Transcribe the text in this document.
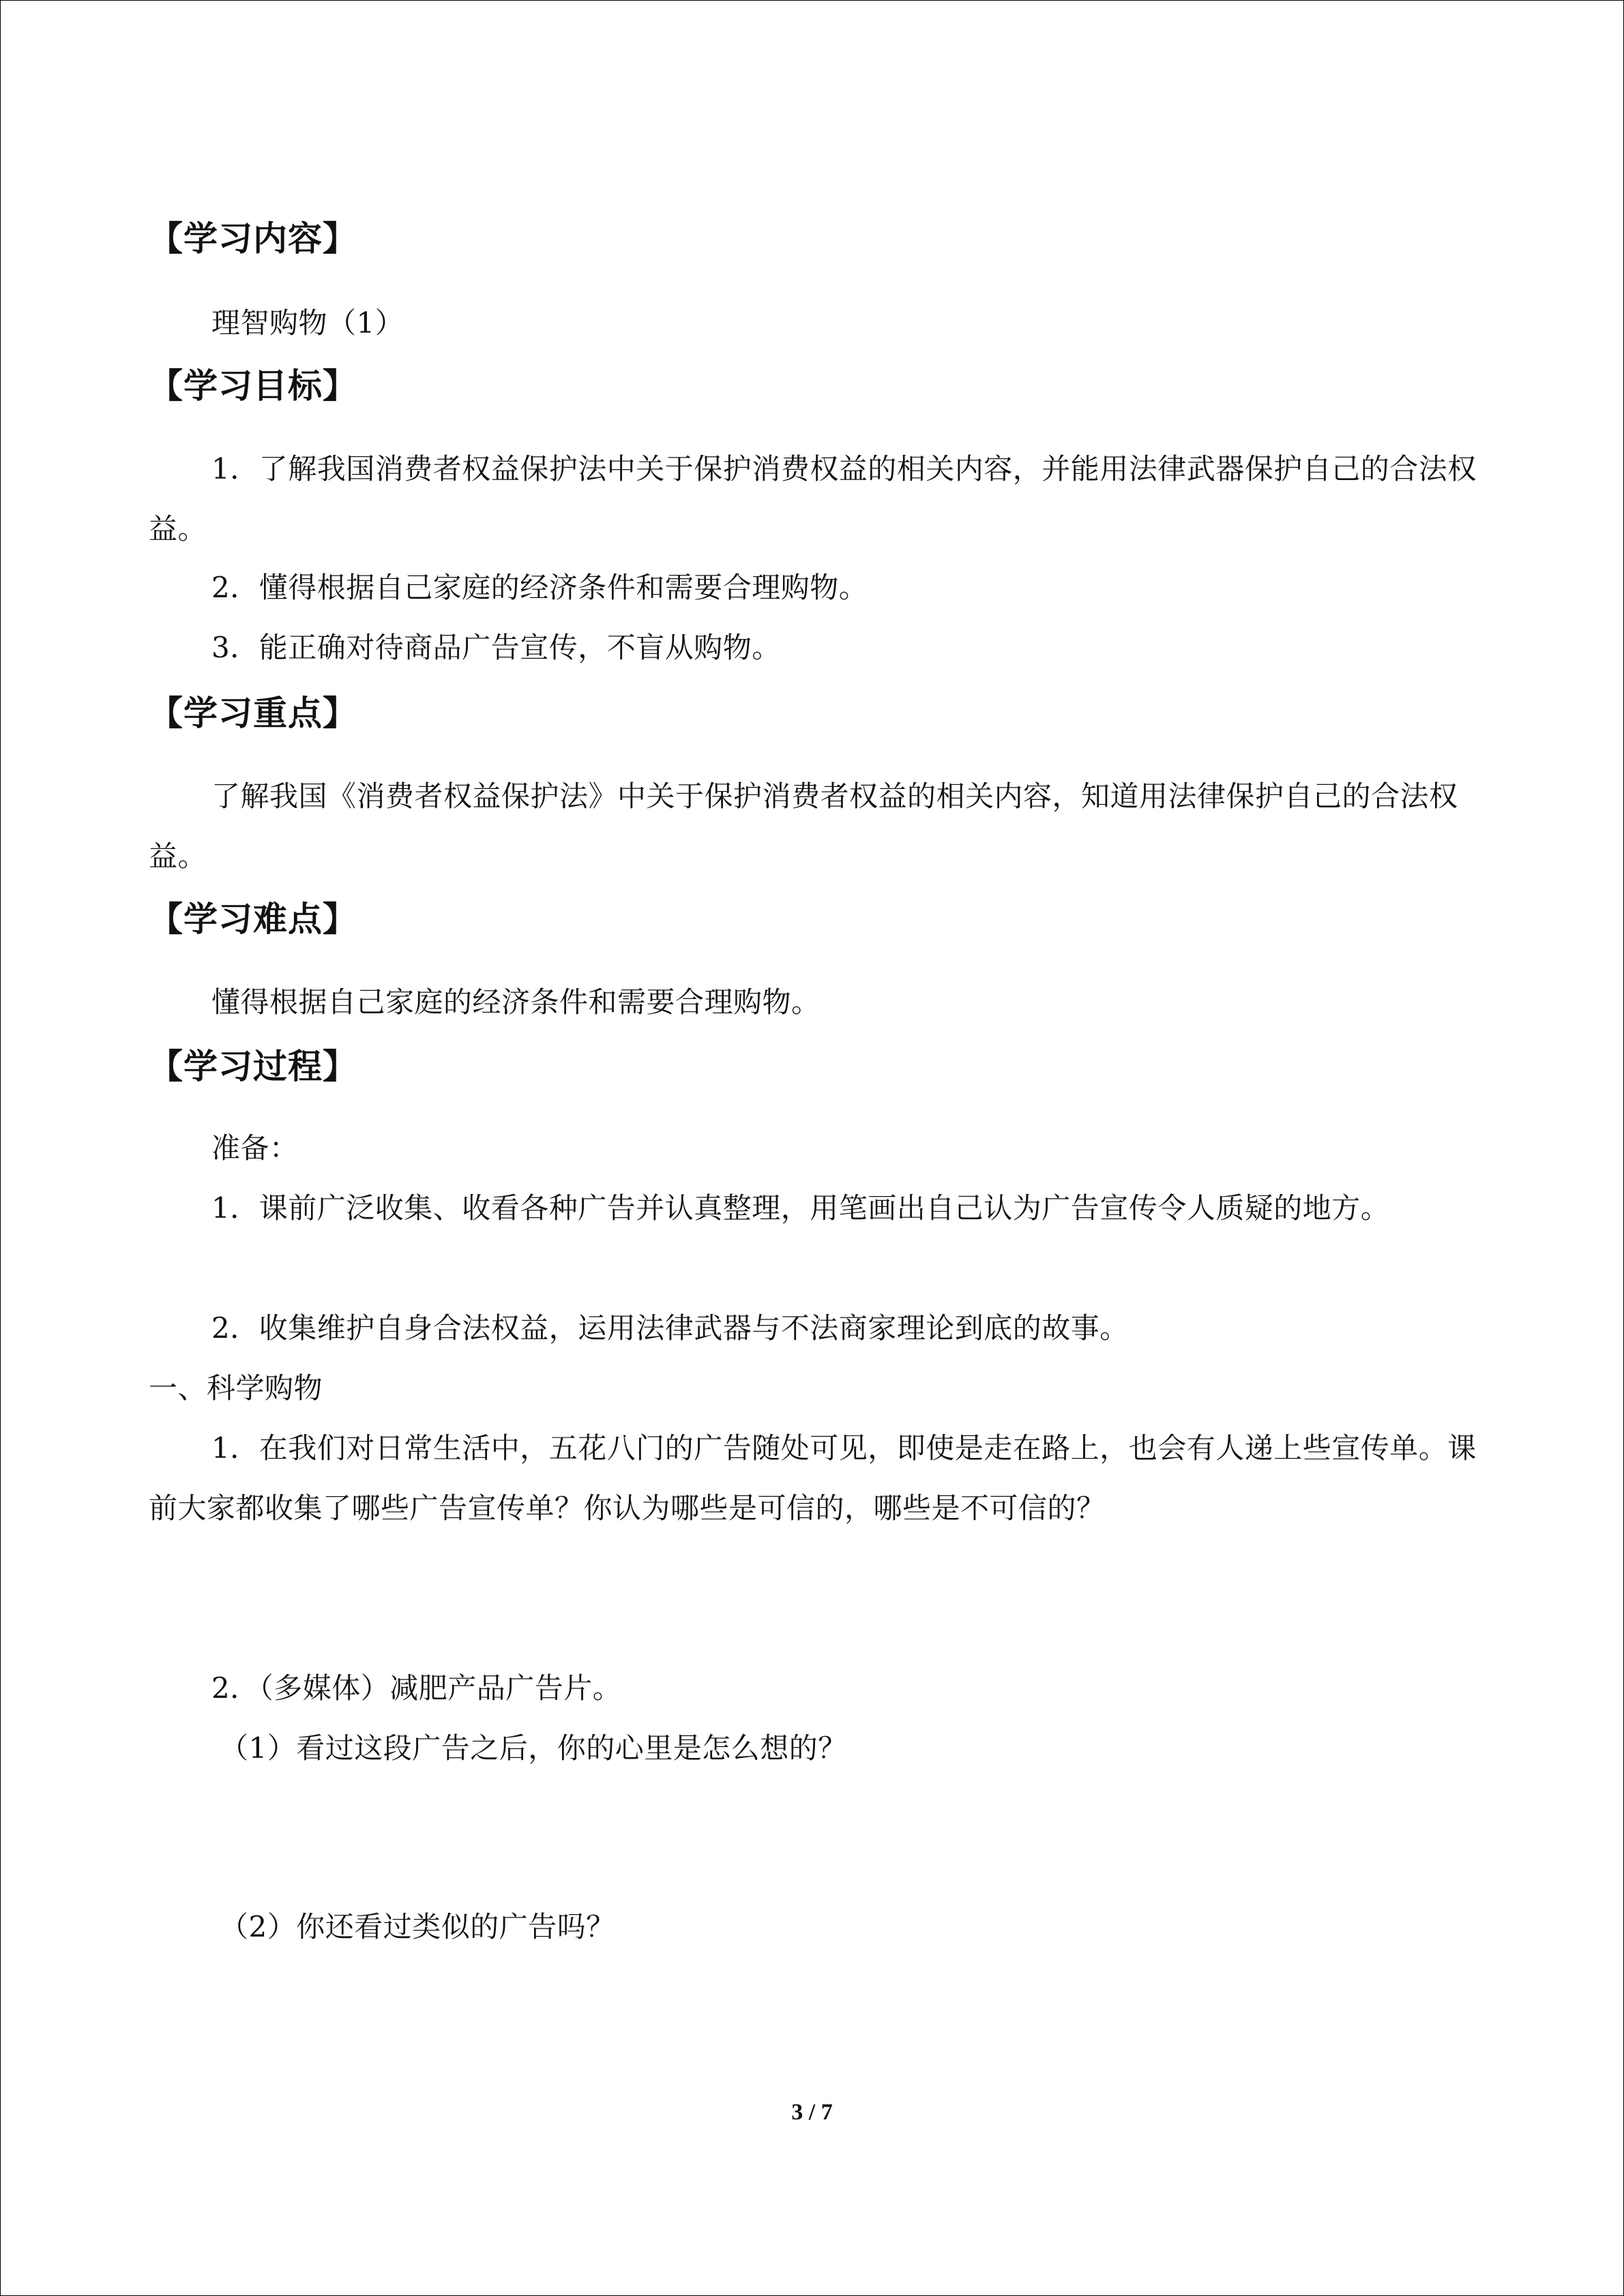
【学习内容】

理智购物（1）

【学习目标】

1．了解我国消费者权益保护法中关于保护消费权益的相关内容，并能用法律武器保护自己的合法权益。

2．懂得根据自己家庭的经济条件和需要合理购物。

3．能正确对待商品广告宣传，不盲从购物。

【学习重点】

了解我国《消费者权益保护法》中关于保护消费者权益的相关内容，知道用法律保护自己的合法权益。

【学习难点】

懂得根据自己家庭的经济条件和需要合理购物。

【学习过程】

准备：

1．课前广泛收集、收看各种广告并认真整理，用笔画出自己认为广告宣传令人质疑的地方。

2．收集维护自身合法权益，运用法律武器与不法商家理论到底的故事。

一、科学购物

1．在我们对日常生活中，五花八门的广告随处可见，即使是走在路上，也会有人递上些宣传单。课前大家都收集了哪些广告宣传单？你认为哪些是可信的，哪些是不可信的？

2．（多媒体）减肥产品广告片。

（1）看过这段广告之后，你的心里是怎么想的？

（2）你还看过类似的广告吗？

3 / 7
